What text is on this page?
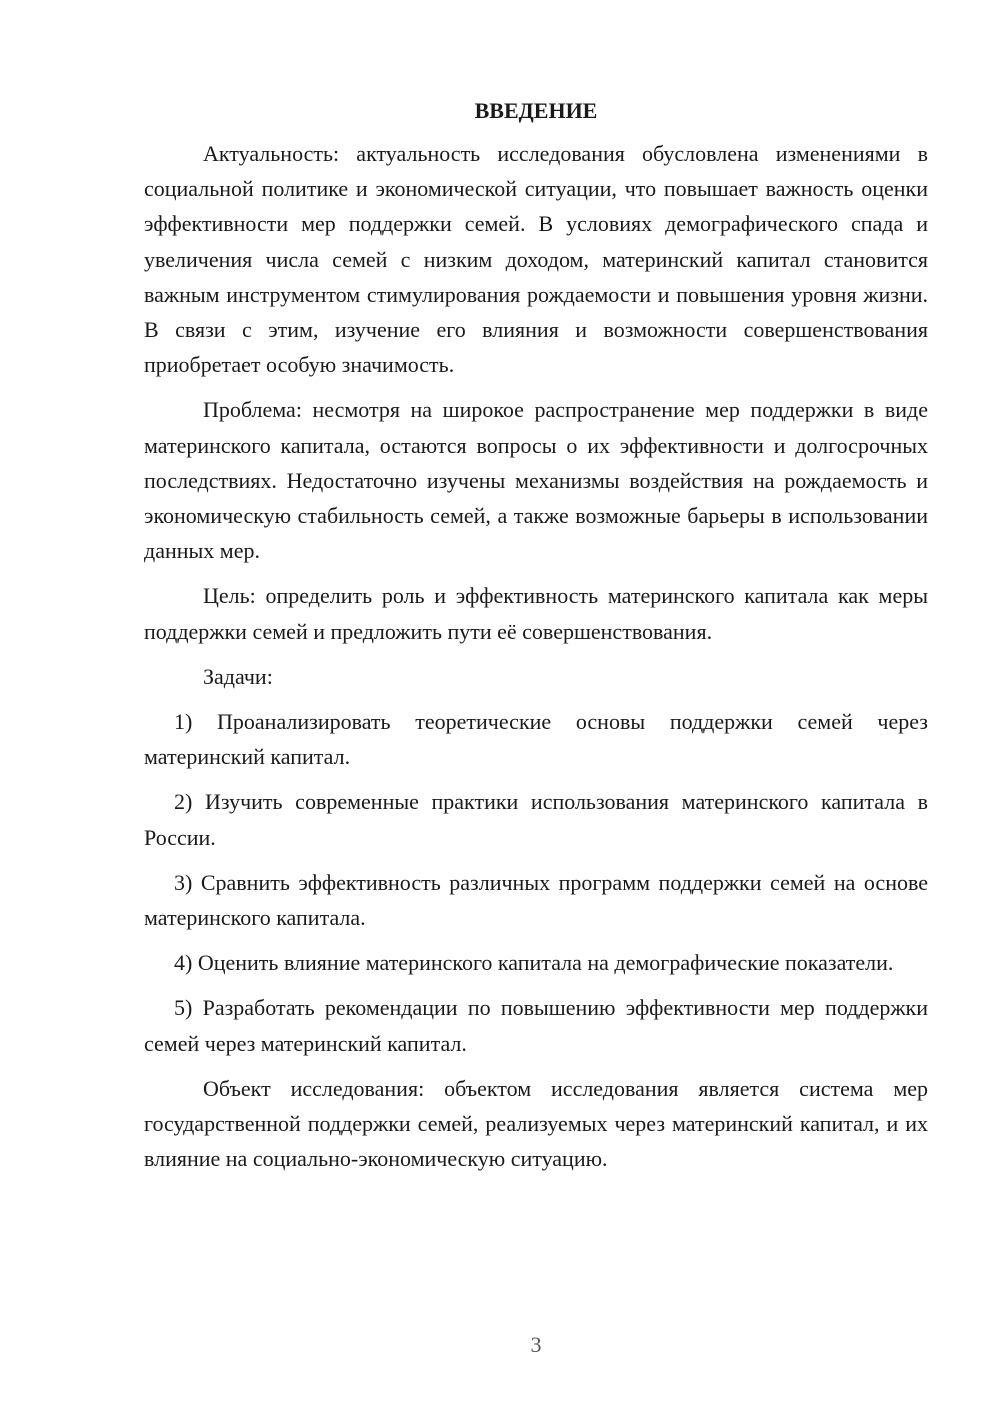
ВВЕДЕНИЕ

Актуальность: актуальность исследования обусловлена изменениями в социальной политике и экономической ситуации, что повышает важность оценки эффективности мер поддержки семей. В условиях демографического спада и увеличения числа семей с низким доходом, материнский капитал становится важным инструментом стимулирования рождаемости и повышения уровня жизни. В связи с этим, изучение его влияния и возможности совершенствования приобретает особую значимость.

Проблема: несмотря на широкое распространение мер поддержки в виде материнского капитала, остаются вопросы о их эффективности и долгосрочных последствиях. Недостаточно изучены механизмы воздействия на рождаемость и экономическую стабильность семей, а также возможные барьеры в использовании данных мер.

Цель: определить роль и эффективность материнского капитала как меры поддержки семей и предложить пути её совершенствования.

Задачи:

1) Проанализировать теоретические основы поддержки семей через материнский капитал.

2) Изучить современные практики использования материнского капитала в России.

3) Сравнить эффективность различных программ поддержки семей на основе материнского капитала.

4) Оценить влияние материнского капитала на демографические показатели.

5) Разработать рекомендации по повышению эффективности мер поддержки семей через материнский капитал.

Объект исследования: объектом исследования является система мер государственной поддержки семей, реализуемых через материнский капитал, и их влияние на социально-экономическую ситуацию.

3
